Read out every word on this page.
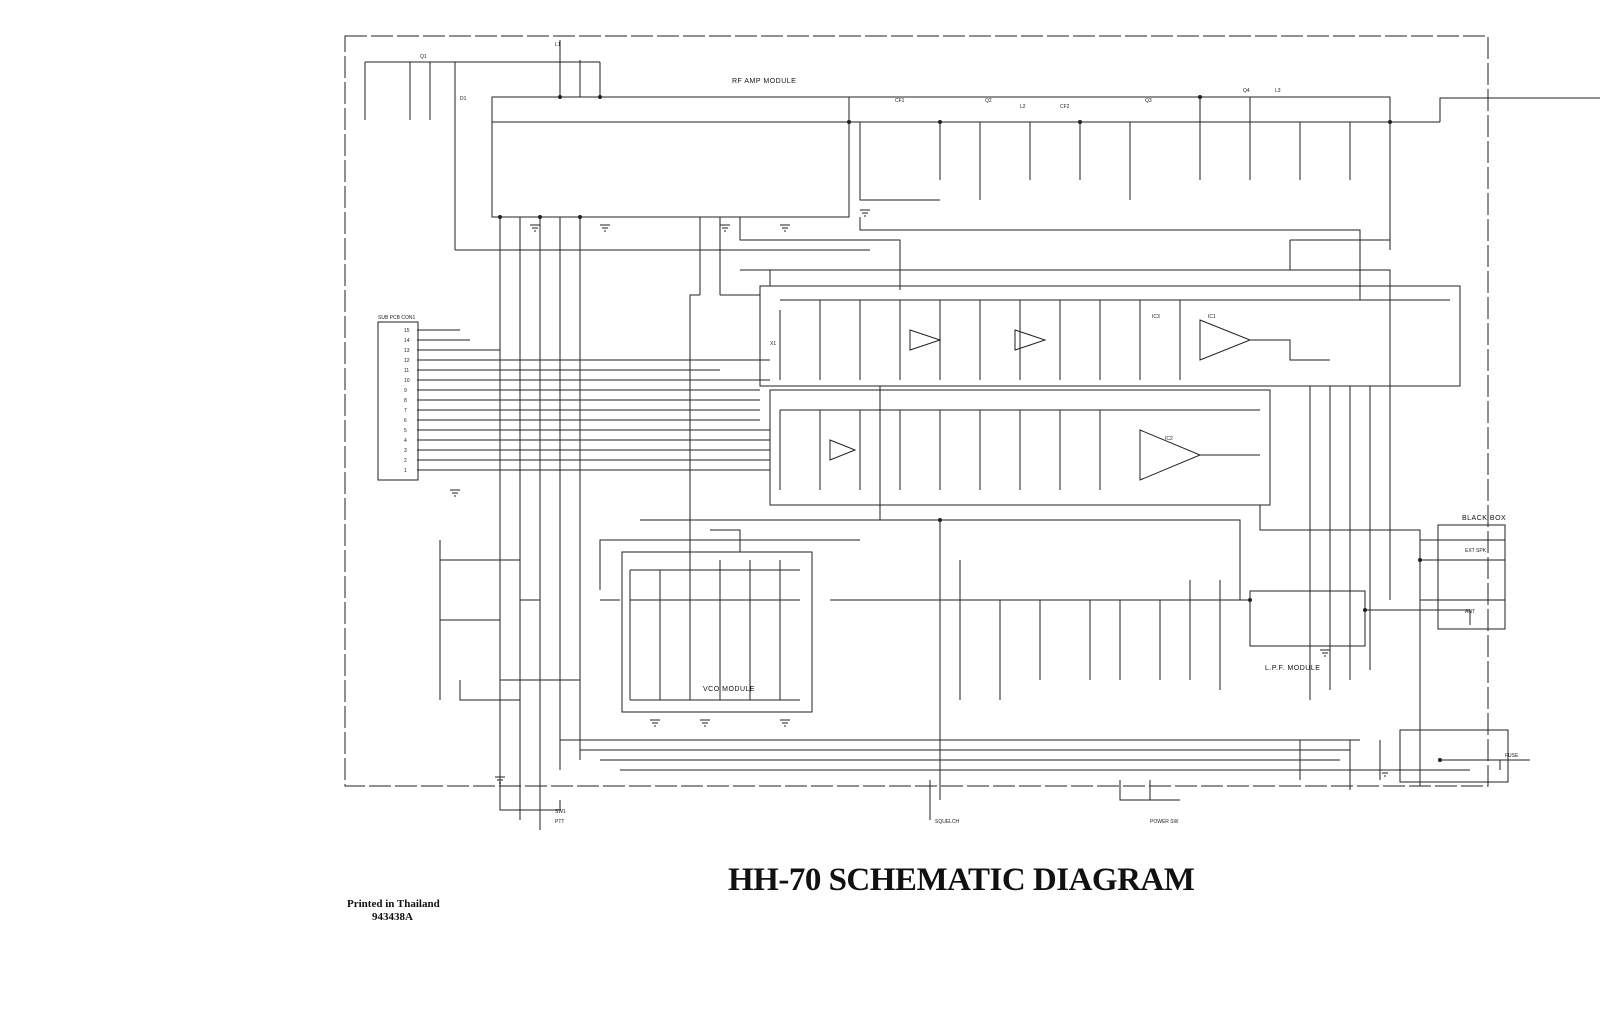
Q1
Q2	Q3
Q4
CF1
CF2
L1
L2
L3
IC1
IC2
IC3
X1
D1
SW1
FUSE
EXT SPK
ANT
PTT	POWER SW
SQUELCH
RF AMP MODULE
VCO MODULE
L.P.F. MODULE
BLACK BOX
SUB PCB CON1
15
14
13
12
11
10
9
8
7
6
5
4
3
2
1
HH-70 SCHEMATIC DIAGRAM
Printed in Thailand
943438A
